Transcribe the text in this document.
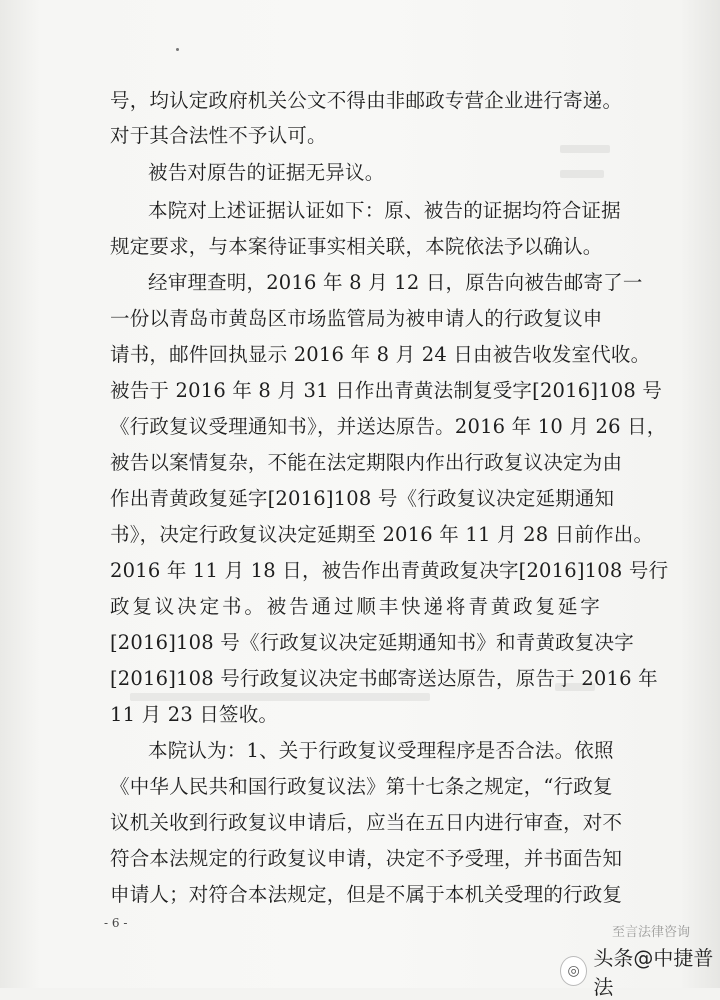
号，均认定政府机关公文不得由非邮政专营企业进行寄递。
对于其合法性不予认可。
被告对原告的证据无异议。
本院对上述证据认证如下：原、被告的证据均符合证据
规定要求，与本案待证事实相关联，本院依法予以确认。
经审理查明，2016 年 8 月 12 日，原告向被告邮寄了一
一份以青岛市黄岛区市场监管局为被申请人的行政复议申
请书，邮件回执显示 2016 年 8 月 24 日由被告收发室代收。
被告于 2016 年 8 月 31 日作出青黄法制复受字[2016]108 号
《行政复议受理通知书》，并送达原告。2016 年 10 月 26 日，
被告以案情复杂，不能在法定期限内作出行政复议决定为由
作出青黄政复延字[2016]108 号《行政复议决定延期通知
书》，决定行政复议决定延期至 2016 年 11 月 28 日前作出。
2016 年 11 月 18 日，被告作出青黄政复决字[2016]108 号行
政复议决定书。被告通过顺丰快递将青黄政复延字
[2016]108 号《行政复议决定延期通知书》和青黄政复决字
[2016]108 号行政复议决定书邮寄送达原告，原告于 2016 年
11 月 23 日签收。
本院认为：1、关于行政复议受理程序是否合法。依照
《中华人民共和国行政复议法》第十七条之规定，“行政复
议机关收到行政复议申请后，应当在五日内进行审查，对不
符合本法规定的行政复议申请，决定不予受理，并书面告知
申请人；对符合本法规定，但是不属于本机关受理的行政复
- 6 -
至言法律咨询
◎
头条@中捷普法
